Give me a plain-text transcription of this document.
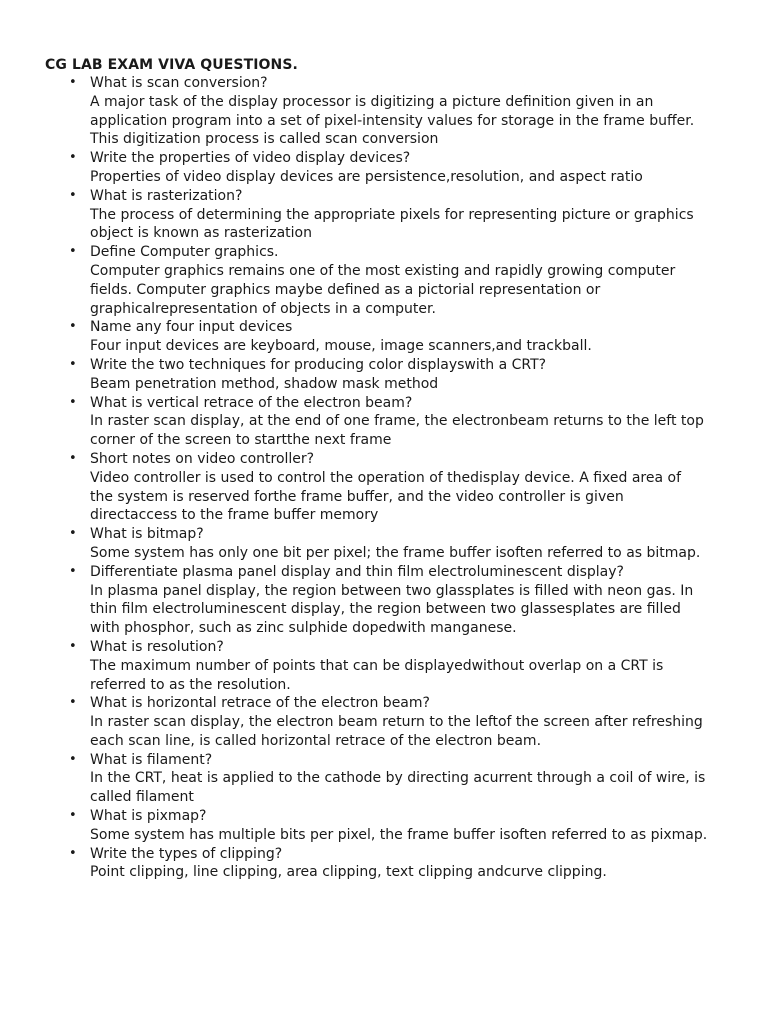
CG LAB EXAM VIVA QUESTIONS.
• What is scan conversion?
A major task of the display processor is digitizing a picture definition given in an application program into a set of pixel-intensity values for storage in the frame buffer. This digitization process is called scan conversion
• Write the properties of video display devices?
Properties of video display devices are persistence,resolution, and aspect ratio
• What is rasterization?
The process of determining the appropriate pixels for representing picture or graphics object is known as rasterization
• Define Computer graphics.
Computer graphics remains one of the most existing and rapidly growing computer fields. Computer graphics maybe defined as a pictorial representation or graphicalrepresentation of objects in a computer.
• Name any four input devices
Four input devices are keyboard, mouse, image scanners,and trackball.
• Write the two techniques for producing color displayswith a CRT?
Beam penetration method, shadow mask method
• What is vertical retrace of the electron beam?
In raster scan display, at the end of one frame, the electronbeam returns to the left top corner of the screen to startthe next frame
• Short notes on video controller?
Video controller is used to control the operation of thedisplay device. A fixed area of the system is reserved forthe frame buffer, and the video controller is given directaccess to the frame buffer memory
• What is bitmap?
Some system has only one bit per pixel; the frame buffer isoften referred to as bitmap.
• Differentiate plasma panel display and thin film electroluminescent display?
In plasma panel display, the region between two glassplates is filled with neon gas. In thin film electroluminescent display, the region between two glassesplates are filled with phosphor, such as zinc sulphide dopedwith manganese.
• What is resolution?
The maximum number of points that can be displayedwithout overlap on a CRT is referred to as the resolution.
• What is horizontal retrace of the electron beam?
In raster scan display, the electron beam return to the leftof the screen after refreshing each scan line, is called horizontal retrace of the electron beam.
• What is filament?
In the CRT, heat is applied to the cathode by directing acurrent through a coil of wire, is called filament
• What is pixmap?
Some system has multiple bits per pixel, the frame buffer isoften referred to as pixmap.
• Write the types of clipping?
Point clipping, line clipping, area clipping, text clipping andcurve clipping.
